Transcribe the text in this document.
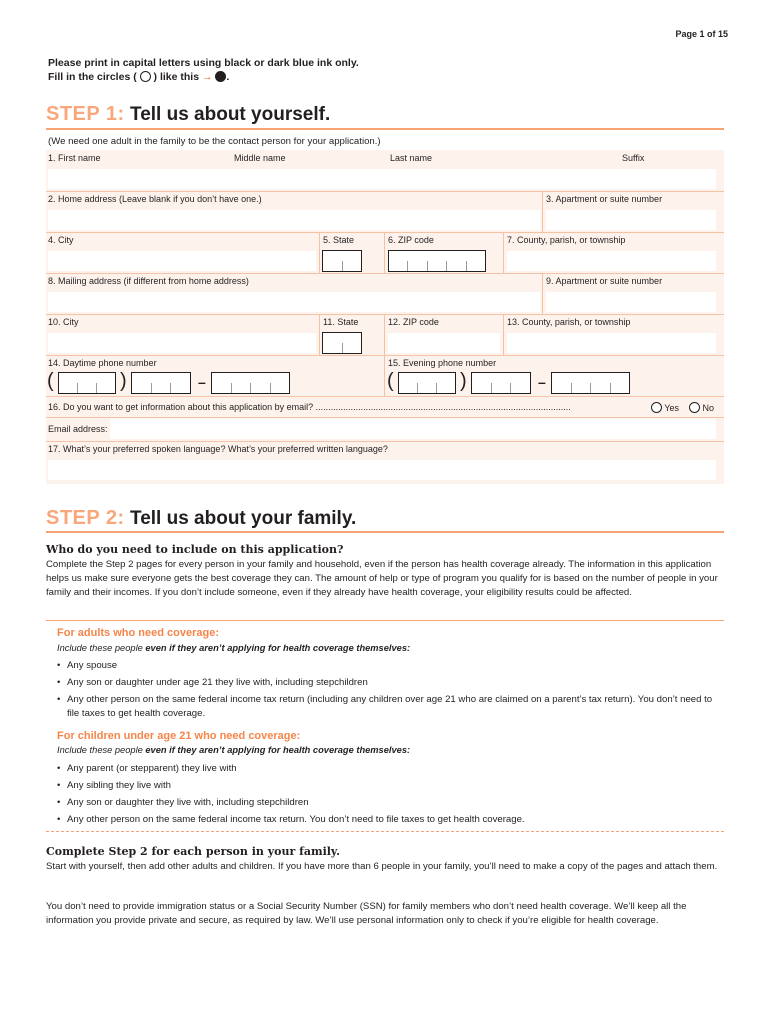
Page 1 of 15
Please print in capital letters using black or dark blue ink only.
Fill in the circles ( ) like this → .
STEP 1: Tell us about yourself.
(We need one adult in the family to be the contact person for your application.)
1. First name	Middle name	Last name	Suffix
2. Home address (Leave blank if you don’t have one.)	3. Apartment or suite number
4. City	5. State	6. ZIP code	7. County, parish, or township
8. Mailing address (if different from home address)	9. Apartment or suite number
10. City	11. State	12. ZIP code	13. County, parish, or township
14. Daytime phone number	15. Evening phone number
(	)	–	(	)	–
16. Do you want to get information about this application by email? ......................................................................................................	Yes	No
Email address:
17. What’s your preferred spoken language? What’s your preferred written language?
STEP 2: Tell us about your family.
Who do you need to include on this application?
Complete the Step 2 pages for every person in your family and household, even if the person has health coverage already. The information in this application helps us make sure everyone gets the best coverage they can. The amount of help or type of program you qualify for is based on the number of people in your family and their incomes. If you don’t include someone, even if they already have health coverage, your eligibility results could be affected.
For adults who need coverage:
Include these people even if they aren’t applying for health coverage themselves:
• Any spouse
• Any son or daughter under age 21 they live with, including stepchildren
• Any other person on the same federal income tax return (including any children over age 21 who are claimed on a parent’s tax return). You don’t need to file taxes to get health coverage.
For children under age 21 who need coverage:
Include these people even if they aren’t applying for health coverage themselves:
• Any parent (or stepparent) they live with
• Any sibling they live with
• Any son or daughter they live with, including stepchildren
• Any other person on the same federal income tax return. You don’t need to file taxes to get health coverage.
Complete Step 2 for each person in your family.
Start with yourself, then add other adults and children. If you have more than 6 people in your family, you’ll need to make a copy of the pages and attach them.
You don’t need to provide immigration status or a Social Security Number (SSN) for family members who don’t need health coverage. We’ll keep all the information you provide private and secure, as required by law. We’ll use personal information only to check if you’re eligible for health coverage.
